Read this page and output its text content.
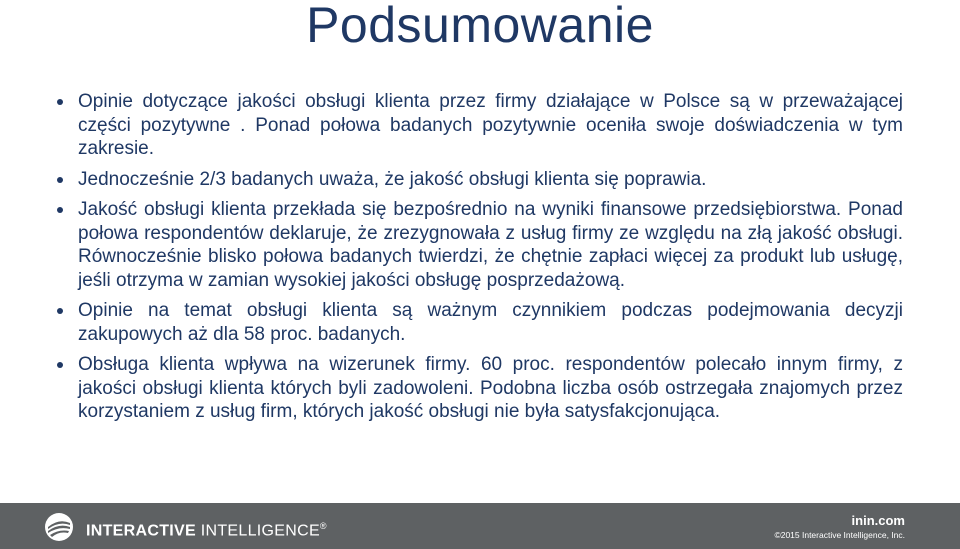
Podsumowanie
Opinie dotyczące jakości obsługi klienta przez firmy działające w Polsce są w przeważającej części pozytywne . Ponad połowa badanych pozytywnie oceniła swoje doświadczenia w tym zakresie.
Jednocześnie 2/3 badanych uważa, że jakość obsługi klienta się poprawia.
Jakość obsługi klienta przekłada się bezpośrednio na wyniki finansowe przedsiębiorstwa. Ponad połowa respondentów deklaruje, że zrezygnowała z usług firmy ze względu na złą jakość obsługi. Równocześnie blisko połowa badanych twierdzi, że chętnie zapłaci więcej za produkt lub usługę, jeśli otrzyma w zamian wysokiej jakości obsługę posprzedażową.
Opinie na temat obsługi klienta są ważnym czynnikiem podczas podejmowania decyzji zakupowych aż dla 58 proc. badanych.
Obsługa klienta wpływa na wizerunek firmy. 60 proc. respondentów polecało innym firmy, z jakości obsługi klienta których byli zadowoleni. Podobna liczba osób ostrzegała znajomych przez korzystaniem z usług firm, których jakość obsługi nie była satysfakcjonująca.
INTERACTIVE INTELLIGENCE®	inin.com
©2015 Interactive Intelligence, Inc.
